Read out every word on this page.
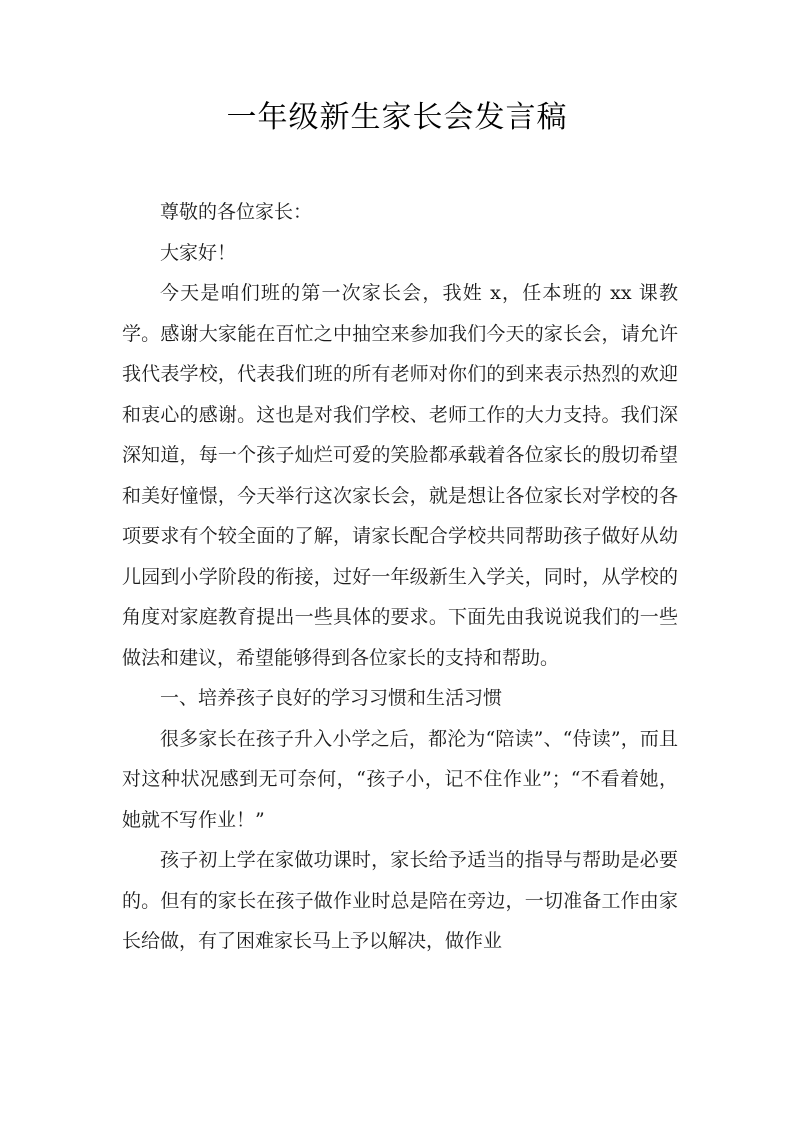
一年级新生家长会发言稿

尊敬的各位家长：

大家好！

今天是咱们班的第一次家长会，我姓 x，任本班的 xx 课教学。感谢大家能在百忙之中抽空来参加我们今天的家长会，请允许我代表学校，代表我们班的所有老师对你们的到来表示热烈的欢迎和衷心的感谢。这也是对我们学校、老师工作的大力支持。我们深深知道，每一个孩子灿烂可爱的笑脸都承载着各位家长的殷切希望和美好憧憬，今天举行这次家长会，就是想让各位家长对学校的各项要求有个较全面的了解，请家长配合学校共同帮助孩子做好从幼儿园到小学阶段的衔接，过好一年级新生入学关，同时，从学校的角度对家庭教育提出一些具体的要求。下面先由我说说我们的一些做法和建议，希望能够得到各位家长的支持和帮助。

一、培养孩子良好的学习习惯和生活习惯

很多家长在孩子升入小学之后，都沦为“陪读”、“侍读”，而且对这种状况感到无可奈何，“孩子小，记不住作业”；“不看着她，她就不写作业！”

孩子初上学在家做功课时，家长给予适当的指导与帮助是必要的。但有的家长在孩子做作业时总是陪在旁边，一切准备工作由家长给做，有了困难家长马上予以解决，做作业
